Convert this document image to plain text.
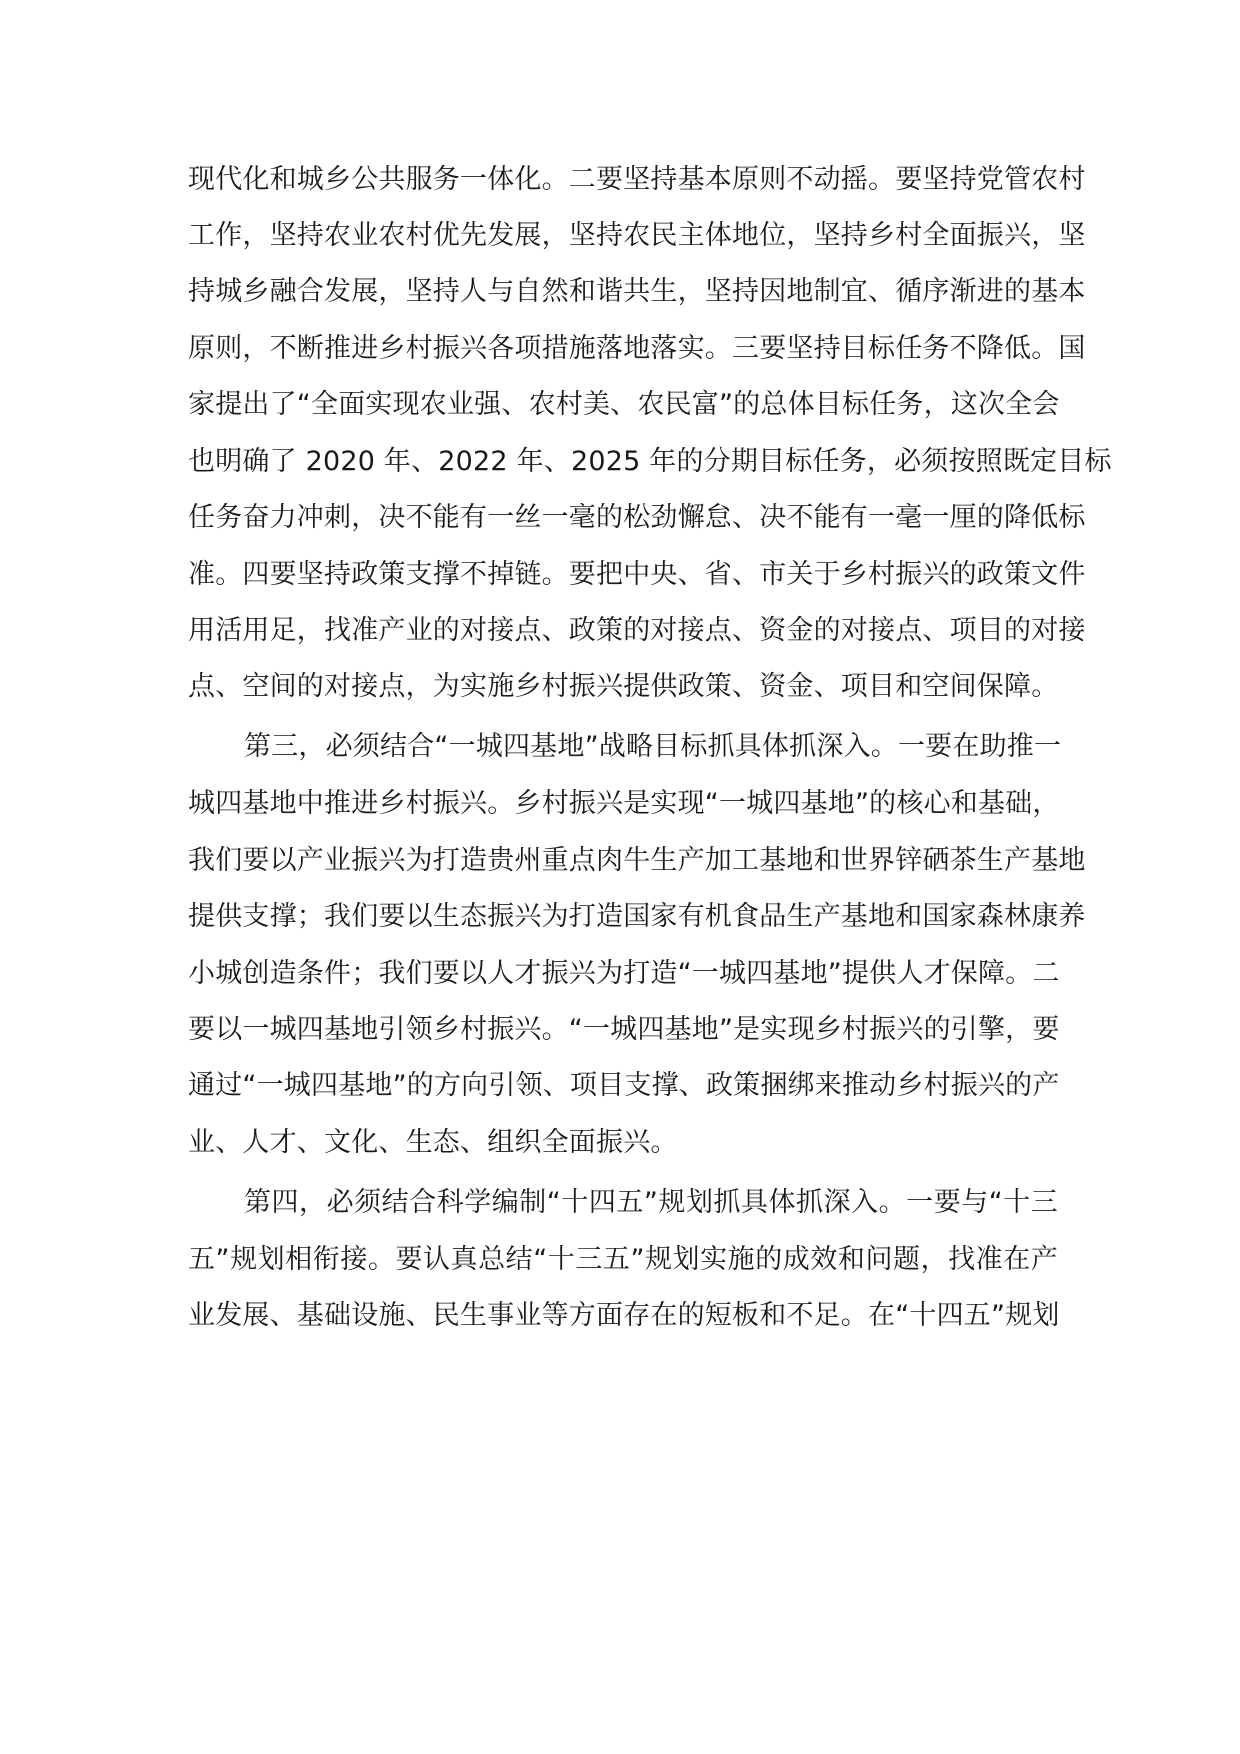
现代化和城乡公共服务一体化。二要坚持基本原则不动摇。要坚持党管农村
工作，坚持农业农村优先发展，坚持农民主体地位，坚持乡村全面振兴，坚
持城乡融合发展，坚持人与自然和谐共生，坚持因地制宜、循序渐进的基本
原则，不断推进乡村振兴各项措施落地落实。三要坚持目标任务不降低。国
家提出了“全面实现农业强、农村美、农民富”的总体目标任务，这次全会
也明确了 2020 年、2022 年、2025 年的分期目标任务，必须按照既定目标
任务奋力冲刺，决不能有一丝一毫的松劲懈怠、决不能有一毫一厘的降低标
准。四要坚持政策支撑不掉链。要把中央、省、市关于乡村振兴的政策文件
用活用足，找准产业的对接点、政策的对接点、资金的对接点、项目的对接
点、空间的对接点，为实施乡村振兴提供政策、资金、项目和空间保障。
第三，必须结合“一城四基地”战略目标抓具体抓深入。一要在助推一
城四基地中推进乡村振兴。乡村振兴是实现“一城四基地”的核心和基础，
我们要以产业振兴为打造贵州重点肉牛生产加工基地和世界锌硒茶生产基地
提供支撑；我们要以生态振兴为打造国家有机食品生产基地和国家森林康养
小城创造条件；我们要以人才振兴为打造“一城四基地”提供人才保障。二
要以一城四基地引领乡村振兴。“一城四基地”是实现乡村振兴的引擎，要
通过“一城四基地”的方向引领、项目支撑、政策捆绑来推动乡村振兴的产
业、人才、文化、生态、组织全面振兴。
第四，必须结合科学编制“十四五”规划抓具体抓深入。一要与“十三
五”规划相衔接。要认真总结“十三五”规划实施的成效和问题，找准在产
业发展、基础设施、民生事业等方面存在的短板和不足。在“十四五”规划
